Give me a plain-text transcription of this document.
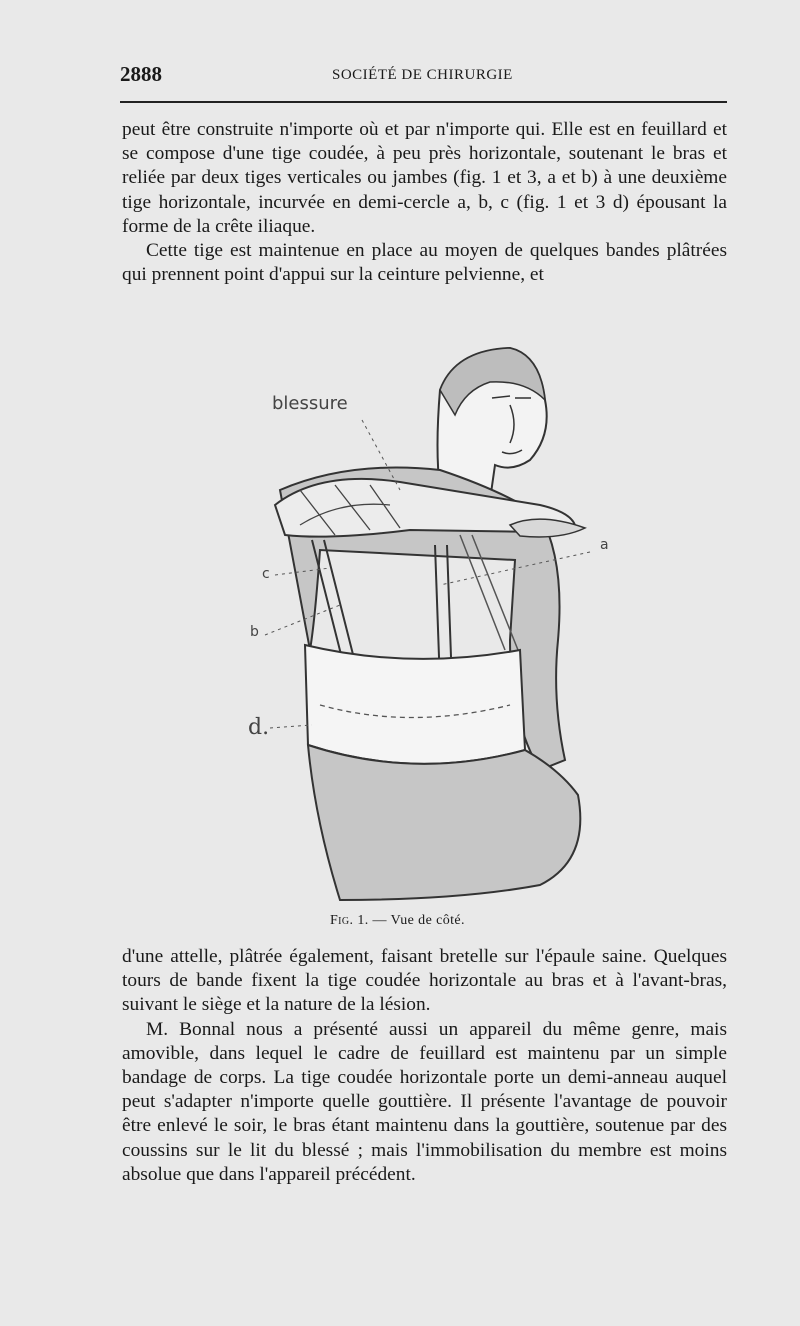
2888	SOCIÉTÉ DE CHIRURGIE

peut être construite n'importe où et par n'importe qui. Elle est en feuillard et se compose d'une tige coudée, à peu près horizontale, soutenant le bras et reliée par deux tiges verticales ou jambes (fig. 1 et 3, a et b) à une deuxième tige horizontale, incurvée en demi-cercle a, b, c (fig. 1 et 3 d) épousant la forme de la crête iliaque.

Cette tige est maintenue en place au moyen de quelques bandes plâtrées qui prennent point d'appui sur la ceinture pelvienne, et

blessure
a
c
b
d.
Fig. 1. — Vue de côté.

d'une attelle, plâtrée également, faisant bretelle sur l'épaule saine. Quelques tours de bande fixent la tige coudée horizontale au bras et à l'avant-bras, suivant le siège et la nature de la lésion.

M. Bonnal nous a présenté aussi un appareil du même genre, mais amovible, dans lequel le cadre de feuillard est maintenu par un simple bandage de corps. La tige coudée horizontale porte un demi-anneau auquel peut s'adapter n'importe quelle gouttière. Il présente l'avantage de pouvoir être enlevé le soir, le bras étant maintenu dans la gouttière, soutenue par des coussins sur le lit du blessé ; mais l'immobilisation du membre est moins absolue que dans l'appareil précédent.
